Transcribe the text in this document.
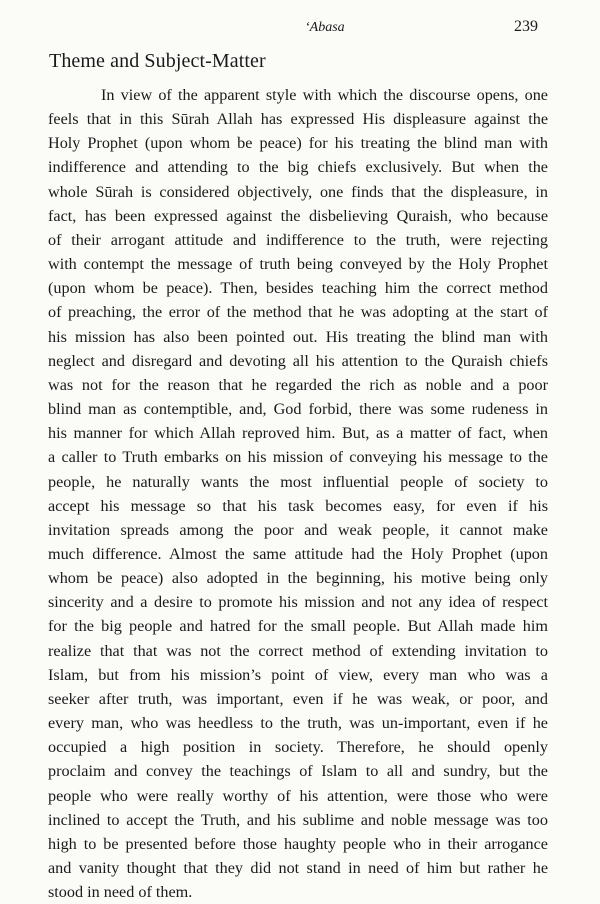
ʻAbasa	239
Theme and Subject-Matter

In view of the apparent style with which the discourse opens, one
feels that in this Sūrah Allah has expressed His displeasure against the
Holy Prophet (upon whom be peace) for his treating the blind man with
indifference and attending to the big chiefs exclusively. But when the
whole Sūrah is considered objectively, one finds that the displeasure, in
fact, has been expressed against the disbelieving Quraish, who because
of their arrogant attitude and indifference to the truth, were rejecting
with contempt the message of truth being conveyed by the Holy Prophet
(upon whom be peace). Then, besides teaching him the correct method
of preaching, the error of the method that he was adopting at the start of
his mission has also been pointed out. His treating the blind man with
neglect and disregard and devoting all his attention to the Quraish chiefs
was not for the reason that he regarded the rich as noble and a poor
blind man as contemptible, and, God forbid, there was some rudeness in
his manner for which Allah reproved him. But, as a matter of fact, when
a caller to Truth embarks on his mission of conveying his message to the
people, he naturally wants the most influential people of society to
accept his message so that his task becomes easy, for even if his
invitation spreads among the poor and weak people, it cannot make
much difference. Almost the same attitude had the Holy Prophet (upon
whom be peace) also adopted in the beginning, his motive being only
sincerity and a desire to promote his mission and not any idea of respect
for the big people and hatred for the small people. But Allah made him
realize that that was not the correct method of extending invitation to
Islam, but from his mission’s point of view, every man who was a
seeker after truth, was important, even if he was weak, or poor, and
every man, who was heedless to the truth, was un-important, even if he
occupied a high position in society. Therefore, he should openly
proclaim and convey the teachings of Islam to all and sundry, but the
people who were really worthy of his attention, were those who were
inclined to accept the Truth, and his sublime and noble message was too
high to be presented before those haughty people who in their arrogance
and vanity thought that they did not stand in need of him but rather he
stood in need of them.
